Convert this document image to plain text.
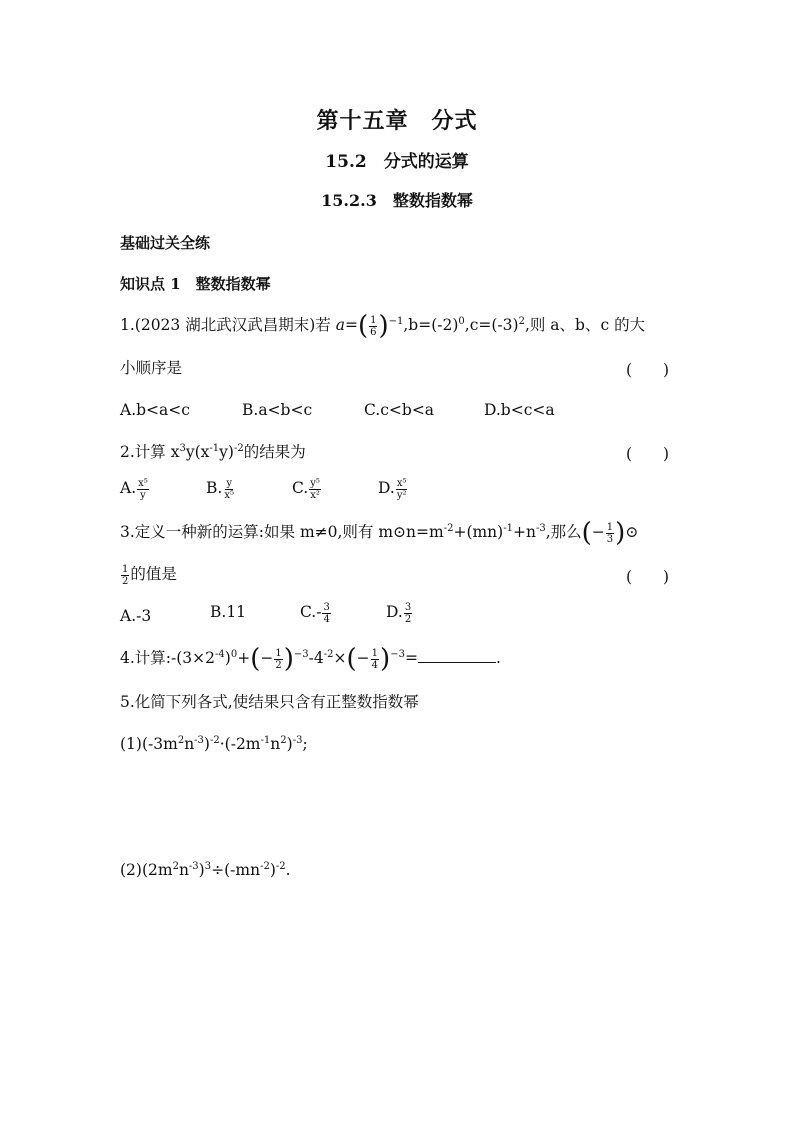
第十五章　分式
15.2　分式的运算
15.2.3　整数指数幂
基础过关全练
知识点 1　整数指数幂
1.(2023 湖北武汉武昌期末)若 $a=( \frac{1}{6} )^{-1},b=(-2)^0,c=(-3)^2$,则 a、b、c 的大
小顺序是	(　　)
A.b<a<c	B.a<b<c	C.c<b<a	D.b<c<a
2.计算 $x^3y(x^{-1}y)^{-2}$的结果为	(　　)
A. $\frac{\text{x⁵}}{y}$	B. $\frac{y}{\text{x⁵}}$	C. $\frac{\text{y⁵}}{\text{x²}}$	D. $\frac{\text{x⁵}}{\text{y²}}$
3.定义一种新的运算:如果 m≠0,则有 $m⊙n=m^{-2}+(mn)^{-1}+n^{-3}$,那么(− $\frac{1}{3}$ )⊙
$\frac{1}{2}$ 的值是	(　　)
A.-3	B.11	$C.- \frac{3}{4}$	D. $\frac{3}{2}$
4.计算$:-(3\times 2^{-4})^0+(- \frac{1}{2} )^{-3}-4^{-2}\times(- \frac{1}{4} )^{-3}=$	.
5.化简下列各式,使结果只含有正整数指数幂
$(1)(-3m^2n^{-3})^{-2}\cdot(-2m^{-1}n^2)^{-3}$;
$(2)(2m^2n^{-3})^3\div(-mn^{-2})^{-2}$.
